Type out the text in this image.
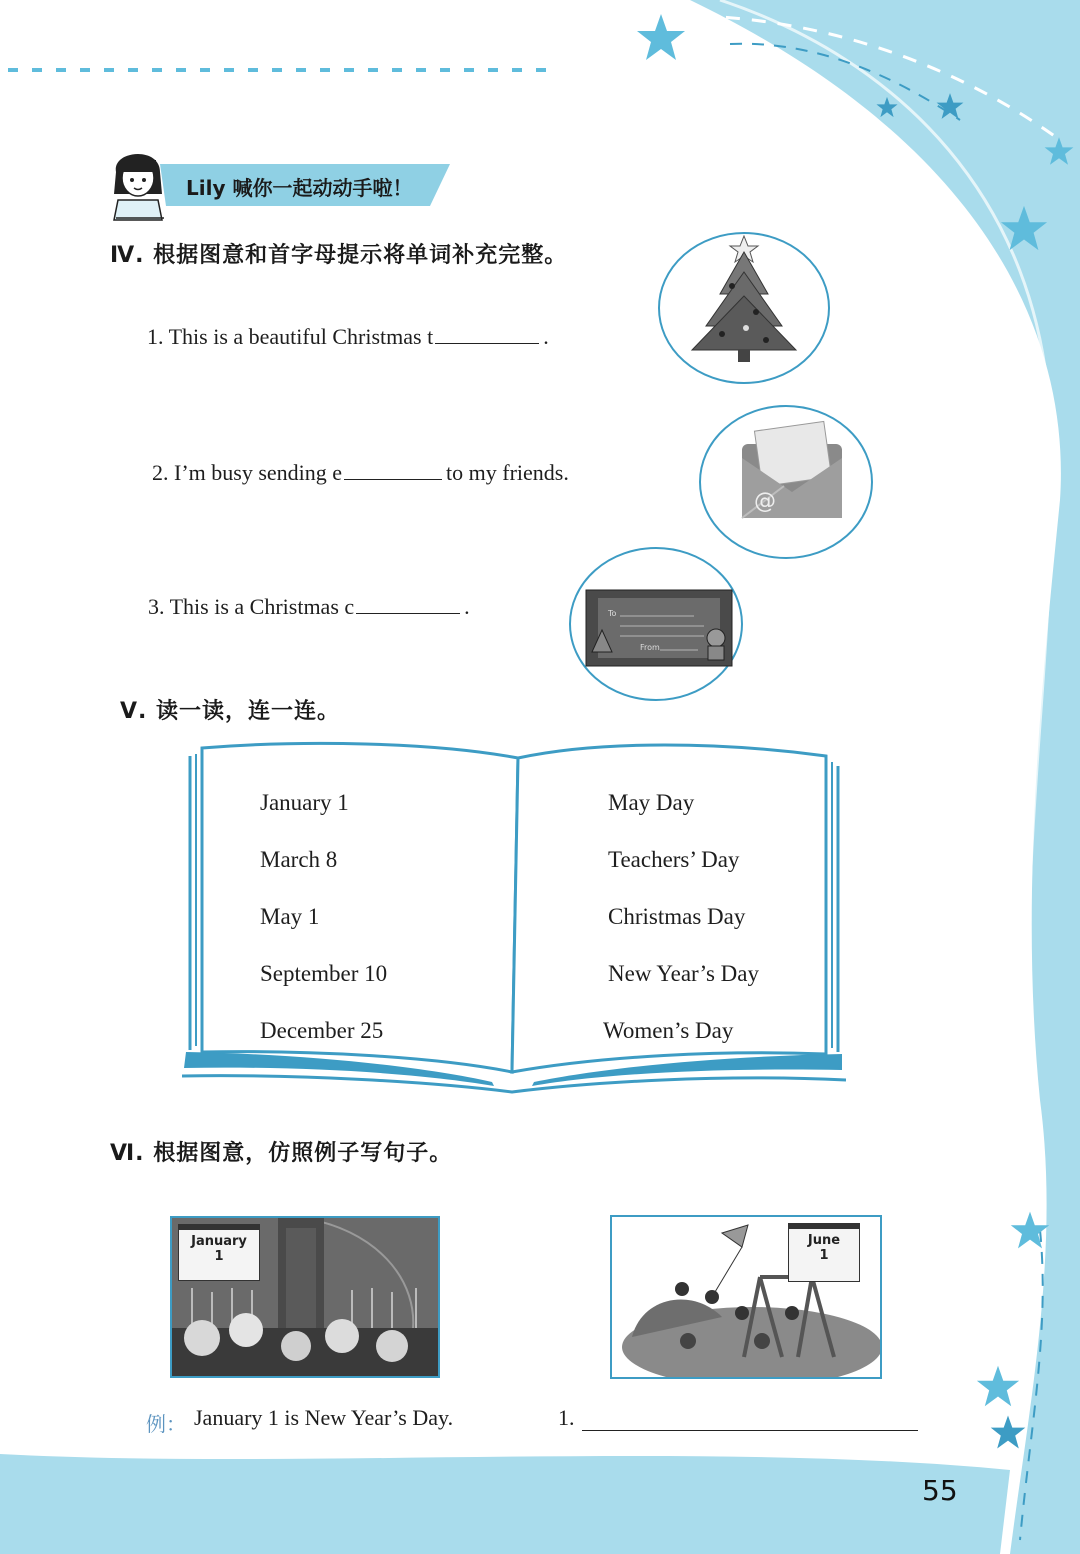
Lily 喊你一起动动手啦！
Ⅳ. 根据图意和首字母提示将单词补充完整。
1. This is a beautiful Christmas t	.
2. I’m busy sending e	to my friends.
3. This is a Christmas c	.
@
To
From
Ⅴ. 读一读，连一连。
January 1
March 8
May 1
September 10
December 25
May Day
Teachers’ Day
Christmas Day
New Year’s Day
Women’s Day
Ⅵ. 根据图意，仿照例子写句子。
January
1
June
1
例： January 1 is New Year’s Day.	1.
55
